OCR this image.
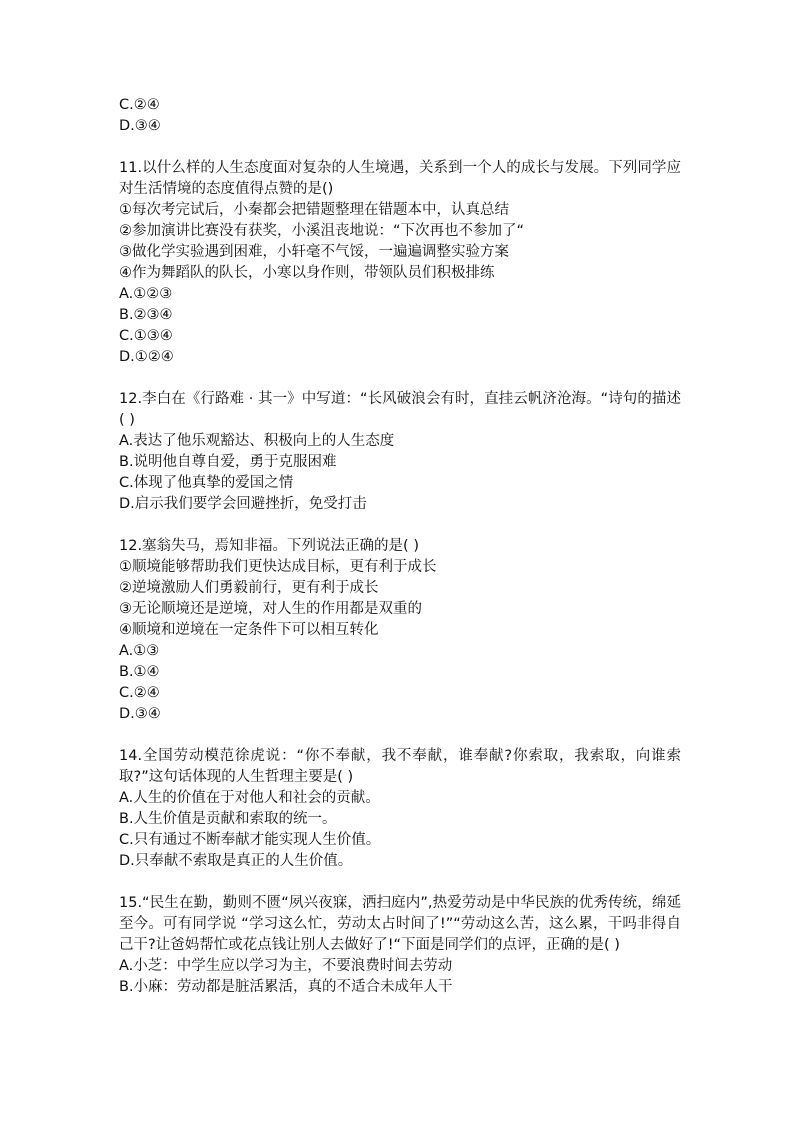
C.②④
D.③④
11.以什么样的人生态度面对复杂的人生境遇，关系到一个人的成长与发展。下列同学应对生活情境的态度值得点赞的是()
①每次考完试后，小秦都会把错题整理在错题本中，认真总结
②参加演讲比赛没有获奖，小溪沮丧地说：“下次再也不参加了“
③做化学实验遇到困难，小轩毫不气馁，一遍遍调整实验方案
④作为舞蹈队的队长，小寒以身作则，带领队员们积极排练
A.①②③
B.②③④
C.①③④
D.①②④
12.李白在《行路难 · 其一》中写道：“长风破浪会有时，直挂云帆济沧海。“诗句的描述( )
A.表达了他乐观豁达、积极向上的人生态度
B.说明他自尊自爱，勇于克服困难
C.体现了他真挚的爱国之情
D.启示我们要学会回避挫折，免受打击
12.塞翁失马，焉知非福。下列说法正确的是( )
①顺境能够帮助我们更快达成目标，更有利于成长
②逆境激励人们勇毅前行，更有利于成长
③无论顺境还是逆境，对人生的作用都是双重的
④顺境和逆境在一定条件下可以相互转化
A.①③
B.①④
C.②④
D.③④
14.全国劳动模范徐虎说：“你不奉献，我不奉献，谁奉献?你索取，我索取，向谁索取?”这句话体现的人生哲理主要是( )
A.人生的价值在于对他人和社会的贡献。
B.人生价值是贡献和索取的统一。
C.只有通过不断奉献才能实现人生价值。
D.只奉献不索取是真正的人生价值。
15.“民生在勤，勤则不匮“夙兴夜寐，洒扫庭内”,热爱劳动是中华民族的优秀传统，绵延至今。可有同学说 “学习这么忙，劳动太占时间了!”“劳动这么苦，这么累，干吗非得自己干?让爸妈帮忙或花点钱让别人去做好了!“下面是同学们的点评，正确的是( )
A.小芝：中学生应以学习为主，不要浪费时间去劳动
B.小麻：劳动都是脏活累活，真的不适合未成年人干
